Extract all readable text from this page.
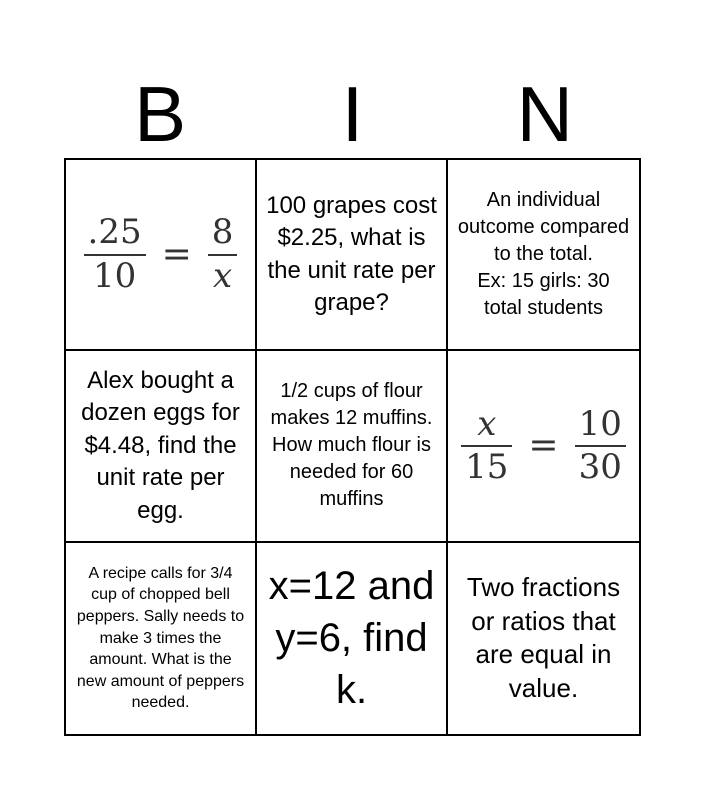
B	I	N
$\frac{.25}{10} = \frac{8}{x}$
100 grapes cost $2.25, what is the unit rate per grape?
An individual outcome compared to the total.
Ex: 15 girls: 30 total students
Alex bought a dozen eggs for $4.48, find the unit rate per egg.
1/2 cups of flour makes 12 muffins. How much flour is needed for 60 muffins
$\frac{x}{15} = \frac{10}{30}$
A recipe calls for 3/4 cup of chopped bell peppers. Sally needs to make 3 times the amount. What is the new amount of peppers needed.
x=12 and y=6, find k.
Two fractions or ratios that are equal in value.
